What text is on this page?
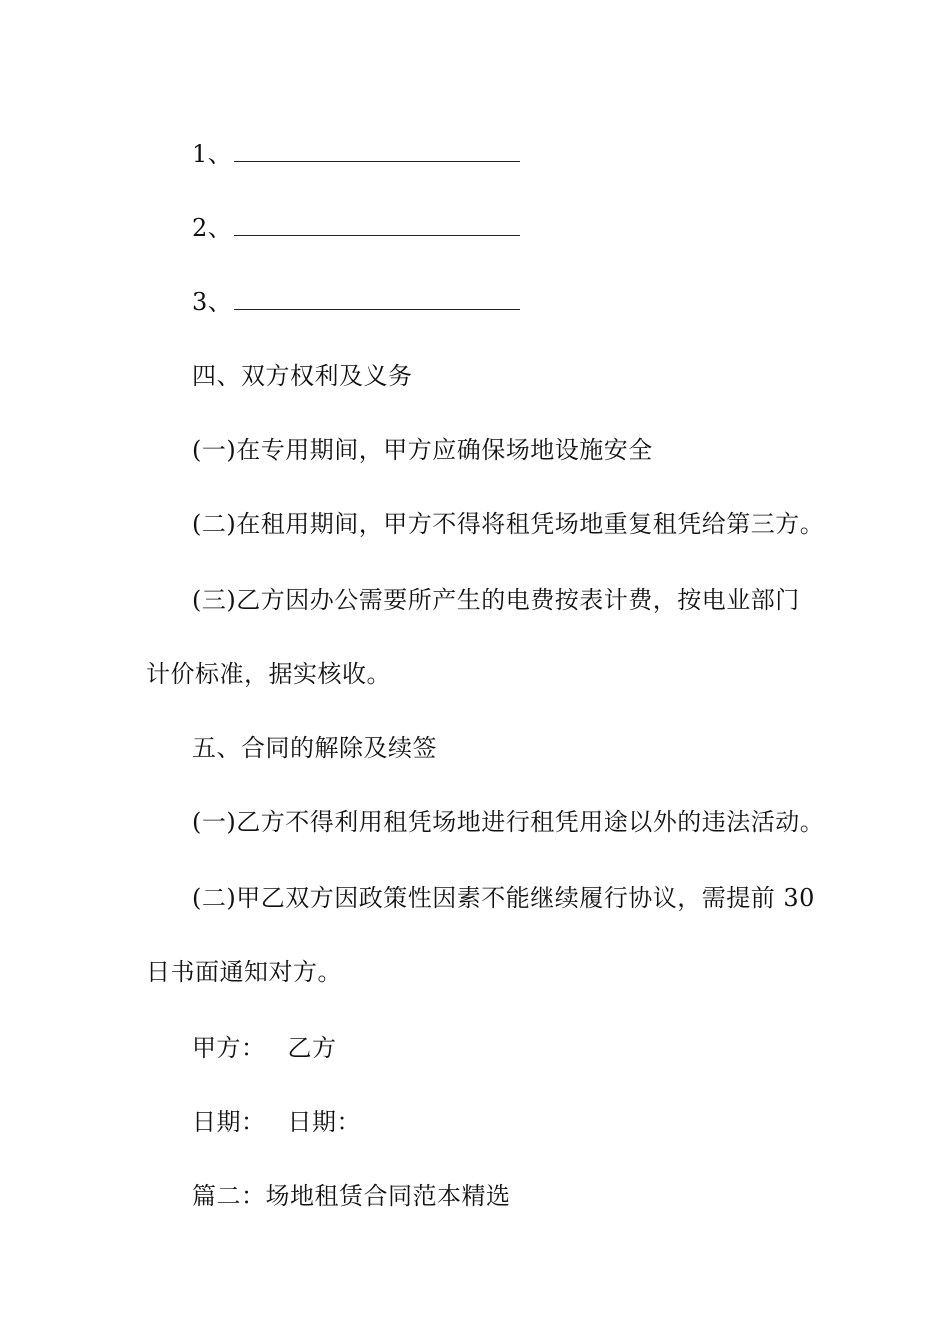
1、
2、
3、
四、双方权利及义务
(一)在专用期间，甲方应确保场地设施安全
(二)在租用期间，甲方不得将租凭场地重复租凭给第三方。
(三)乙方因办公需要所产生的电费按表计费，按电业部门
计价标准，据实核收。
五、合同的解除及续签
(一)乙方不得利用租凭场地进行租凭用途以外的违法活动。
(二)甲乙双方因政策性因素不能继续履行协议，需提前 30
日书面通知对方。
甲方： 乙方
日期： 日期：
篇二：场地租赁合同范本精选
